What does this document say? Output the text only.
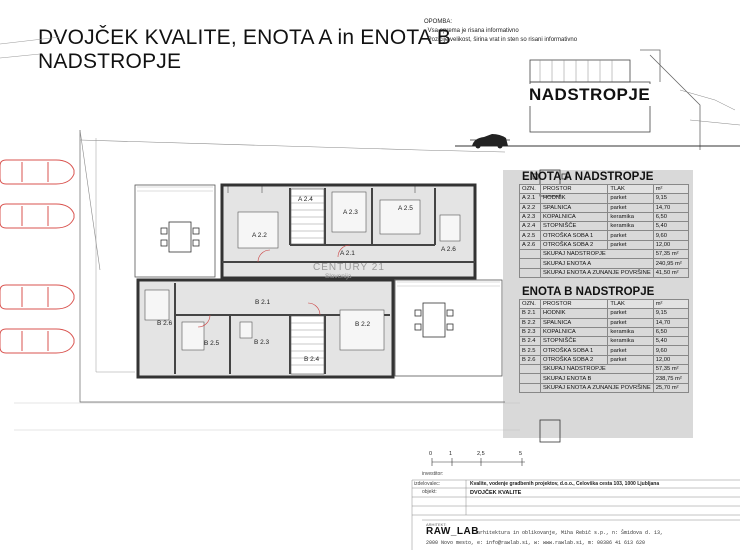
DVOJČEK KVALITE, ENOTA A in ENOTA B
NADSTROPJE
OPOMBA:
- Vsa oprema je risana informativno
- Pozicije velikost, širina vrat in sten so risani informativno
CENTURY 21
Slovenija
A 2.2
A 2.4
A 2.3
A 2.5
A 2.6
A 2.1
B 2.1
B 2.6
B 2.5	B 2.3
B 2.2
B 2.4
NADSTROPJE
ENOTA A NADSTROPJE
OZN.	PROSTOR	TLAK	m²
A 2.1	HODNIK	parket	9,15
A 2.2	SPALNICA	parket	14,70
A 2.3	KOPALNICA	keramika	6,50
A 2.4	STOPNIŠČE	keramika	5,40
A 2.5	OTROŠKA SOBA 1	parket	9,60
A 2.6	OTROŠKA SOBA 2	parket	12,00
	SKUPAJ NADSTROPJE		57,35 m²
	SKUPAJ ENOTA A		240,95 m²
	SKUPAJ ENOTA A ZUNANJE POVRŠINE		41,50 m²
ENOTA B NADSTROPJE
OZN.	PROSTOR	TLAK	m²
B 2.1	HODNIK	parket	9,15
B 2.2	SPALNICA	parket	14,70
B 2.3	KOPALNICA	keramika	6,50
B 2.4	STOPNIŠČE	keramika	5,40
B 2.5	OTROŠKA SOBA 1	parket	9,60
B 2.6	OTROŠKA SOBA 2	parket	12,00
	SKUPAJ NADSTROPJE		57,35 m²
	SKUPAJ ENOTA B		238,75 m²
	SKUPAJ ENOTA A ZUNANJE POVRŠINE		25,70 m²
0	1	2,5	5
investitor:
izdelovalec:	Kvalite, vodenje gradbenih projektov, d.o.o., Celovška cesta 103, 1000 Ljubljana
objekt:	DVOJČEK KVALITE
ARHITEKT:
RAW_LAB
arhitektura in oblikovanje, Miha Rebič s.p., n: Šmidova d. 13,
2000 Novo mesto, e: info@rawlab.si, w: www.rawlab.si, m: 00386 41 613 620
